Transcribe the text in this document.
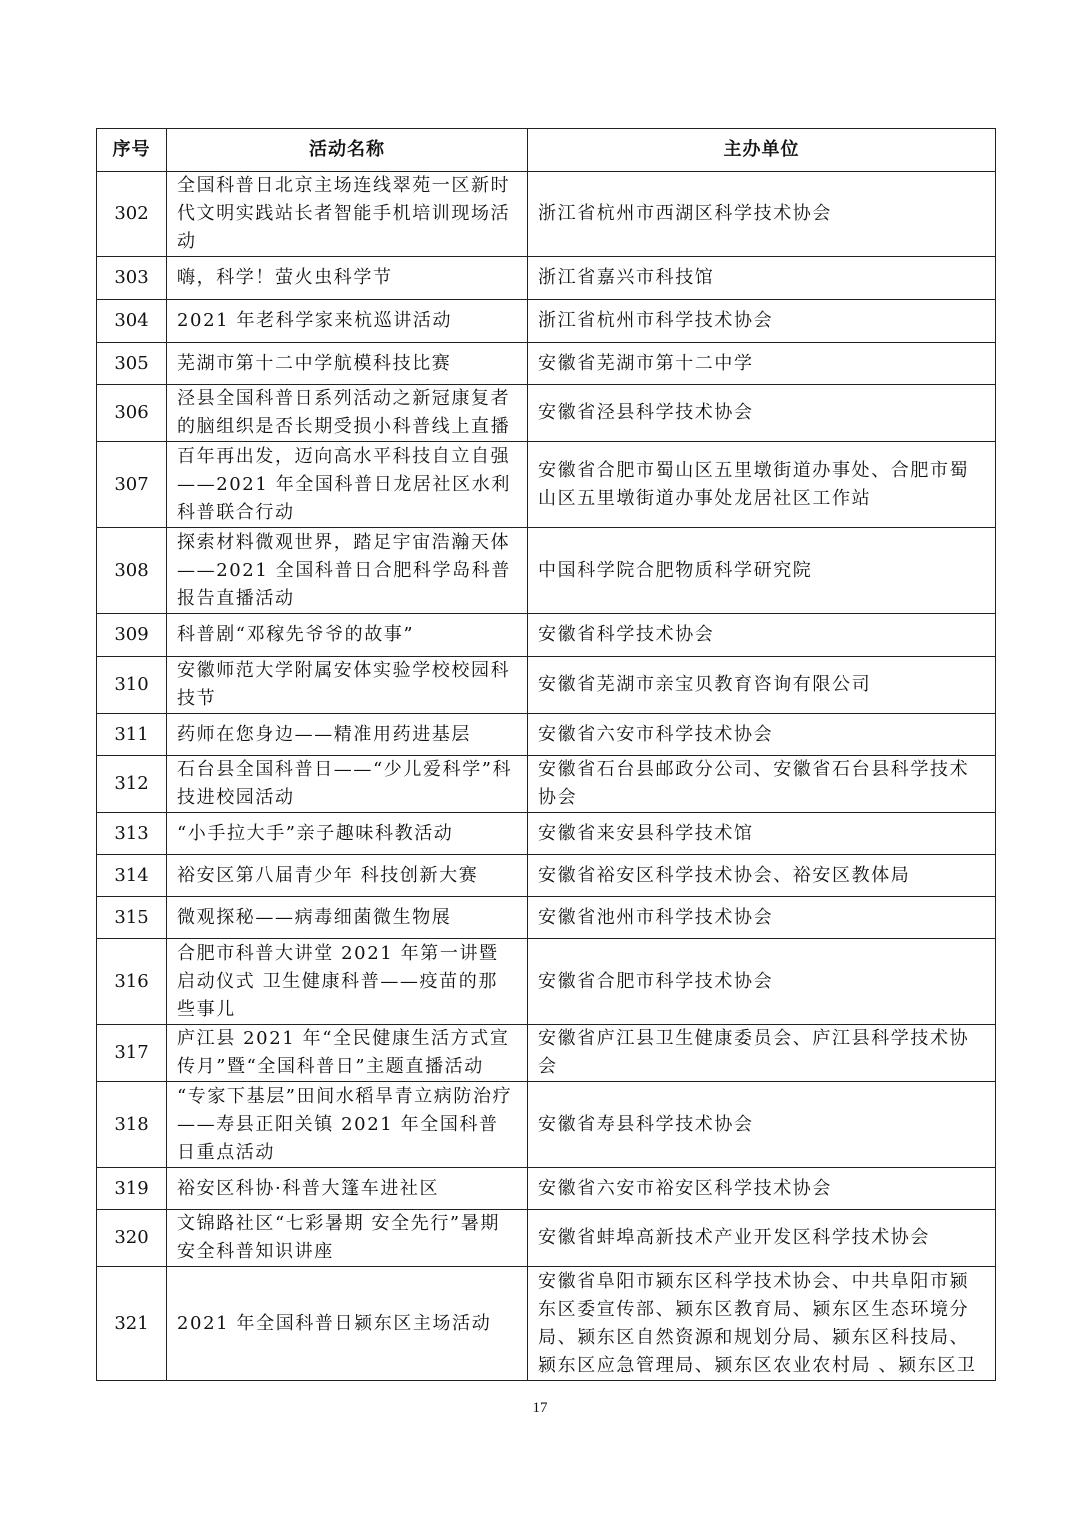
序号	活动名称	主办单位
302	全国科普日北京主场连线翠苑一区新时代文明实践站长者智能手机培训现场活动	浙江省杭州市西湖区科学技术协会
303	嗨，科学！萤火虫科学节	浙江省嘉兴市科技馆
304	2021 年老科学家来杭巡讲活动	浙江省杭州市科学技术协会
305	芜湖市第十二中学航模科技比赛	安徽省芜湖市第十二中学
306	泾县全国科普日系列活动之新冠康复者的脑组织是否长期受损小科普线上直播	安徽省泾县科学技术协会
307	百年再出发，迈向高水平科技自立自强——2021 年全国科普日龙居社区水利科普联合行动	安徽省合肥市蜀山区五里墩街道办事处、合肥市蜀山区五里墩街道办事处龙居社区工作站
308	探索材料微观世界，踏足宇宙浩瀚天体——2021 全国科普日合肥科学岛科普报告直播活动	中国科学院合肥物质科学研究院
309	科普剧“邓稼先爷爷的故事”	安徽省科学技术协会
310	安徽师范大学附属安体实验学校校园科技节	安徽省芜湖市亲宝贝教育咨询有限公司
311	药师在您身边——精准用药进基层	安徽省六安市科学技术协会
312	石台县全国科普日——“少儿爱科学”科技进校园活动	安徽省石台县邮政分公司、安徽省石台县科学技术协会
313	“小手拉大手”亲子趣味科教活动	安徽省来安县科学技术馆
314	裕安区第八届青少年 科技创新大赛	安徽省裕安区科学技术协会、裕安区教体局
315	微观探秘——病毒细菌微生物展	安徽省池州市科学技术协会
316	合肥市科普大讲堂 2021 年第一讲暨启动仪式 卫生健康科普——疫苗的那些事儿	安徽省合肥市科学技术协会
317	庐江县 2021 年“全民健康生活方式宣传月”暨“全国科普日”主题直播活动	安徽省庐江县卫生健康委员会、庐江县科学技术协会
318	“专家下基层”田间水稻旱青立病防治疗——寿县正阳关镇 2021 年全国科普日重点活动	安徽省寿县科学技术协会
319	裕安区科协·科普大篷车进社区	安徽省六安市裕安区科学技术协会
320	文锦路社区“七彩暑期 安全先行”暑期安全科普知识讲座	安徽省蚌埠高新技术产业开发区科学技术协会
321	2021 年全国科普日颍东区主场活动	安徽省阜阳市颍东区科学技术协会、中共阜阳市颍东区委宣传部、颍东区教育局、颍东区生态环境分局、颍东区自然资源和规划分局、颍东区科技局、颍东区应急管理局、颍东区农业农村局 、颍东区卫
17
